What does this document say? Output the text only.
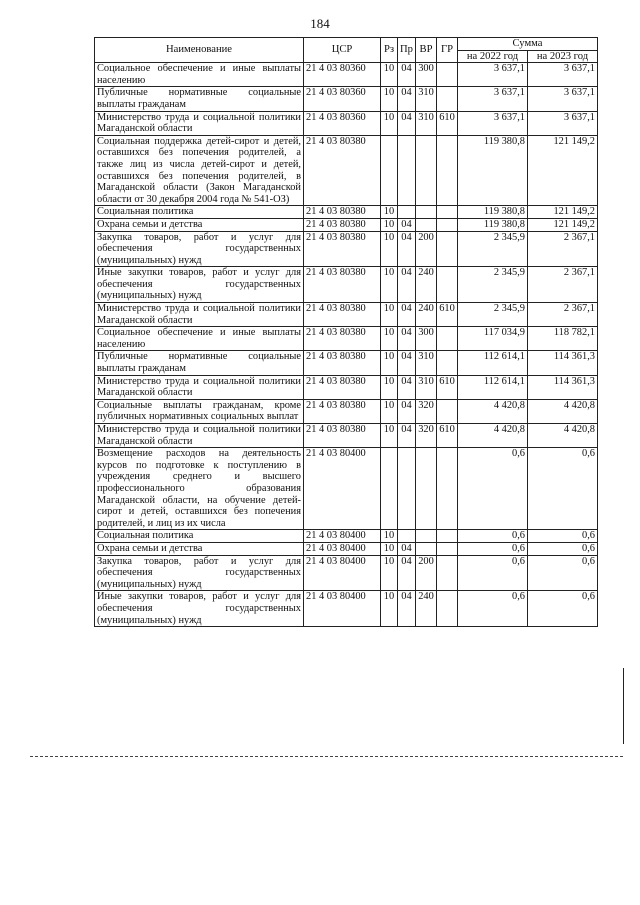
184
Наименование	ЦСР	Рз	Пр	ВР	ГР	Сумма	
						на 2022 год	на 2023 год
Социальное обеспечение и иные выплаты населению	21 4 03 80360	10	04	300		3 637,1	3 637,1
Публичные нормативные социальные выплаты гражданам	21 4 03 80360	10	04	310		3 637,1	3 637,1
Министерство труда и социальной политики Магаданской области	21 4 03 80360	10	04	310	610	3 637,1	3 637,1
Социальная поддержка детей-сирот и детей, оставшихся без попечения родителей, а также лиц из числа детей-сирот и детей, оставшихся без попечения родителей, в Магаданской области (Закон Магаданской области от 30 декабря 2004 года № 541-ОЗ)	21 4 03 80380					119 380,8	121 149,2
Социальная политика	21 4 03 80380	10				119 380,8	121 149,2
Охрана семьи и детства	21 4 03 80380	10	04			119 380,8	121 149,2
Закупка товаров, работ и услуг для обеспечения государственных (муниципальных) нужд	21 4 03 80380	10	04	200		2 345,9	2 367,1
Иные закупки товаров, работ и услуг для обеспечения государственных (муниципальных) нужд	21 4 03 80380	10	04	240		2 345,9	2 367,1
Министерство труда и социальной политики Магаданской области	21 4 03 80380	10	04	240	610	2 345,9	2 367,1
Социальное обеспечение и иные выплаты населению	21 4 03 80380	10	04	300		117 034,9	118 782,1
Публичные нормативные социальные выплаты гражданам	21 4 03 80380	10	04	310		112 614,1	114 361,3
Министерство труда и социальной политики Магаданской области	21 4 03 80380	10	04	310	610	112 614,1	114 361,3
Социальные выплаты гражданам, кроме публичных нормативных социальных выплат	21 4 03 80380	10	04	320		4 420,8	4 420,8
Министерство труда и социальной политики Магаданской области	21 4 03 80380	10	04	320	610	4 420,8	4 420,8
Возмещение расходов на деятельность курсов по подготовке к поступлению в учреждения среднего и высшего профессионального образования Магаданской области, на обучение детей-сирот и детей, оставшихся без попечения родителей, и лиц из их числа	21 4 03 80400					0,6	0,6
Социальная политика	21 4 03 80400	10				0,6	0,6
Охрана семьи и детства	21 4 03 80400	10	04			0,6	0,6
Закупка товаров, работ и услуг для обеспечения государственных (муниципальных) нужд	21 4 03 80400	10	04	200		0,6	0,6
Иные закупки товаров, работ и услуг для обеспечения государственных (муниципальных) нужд	21 4 03 80400	10	04	240		0,6	0,6
